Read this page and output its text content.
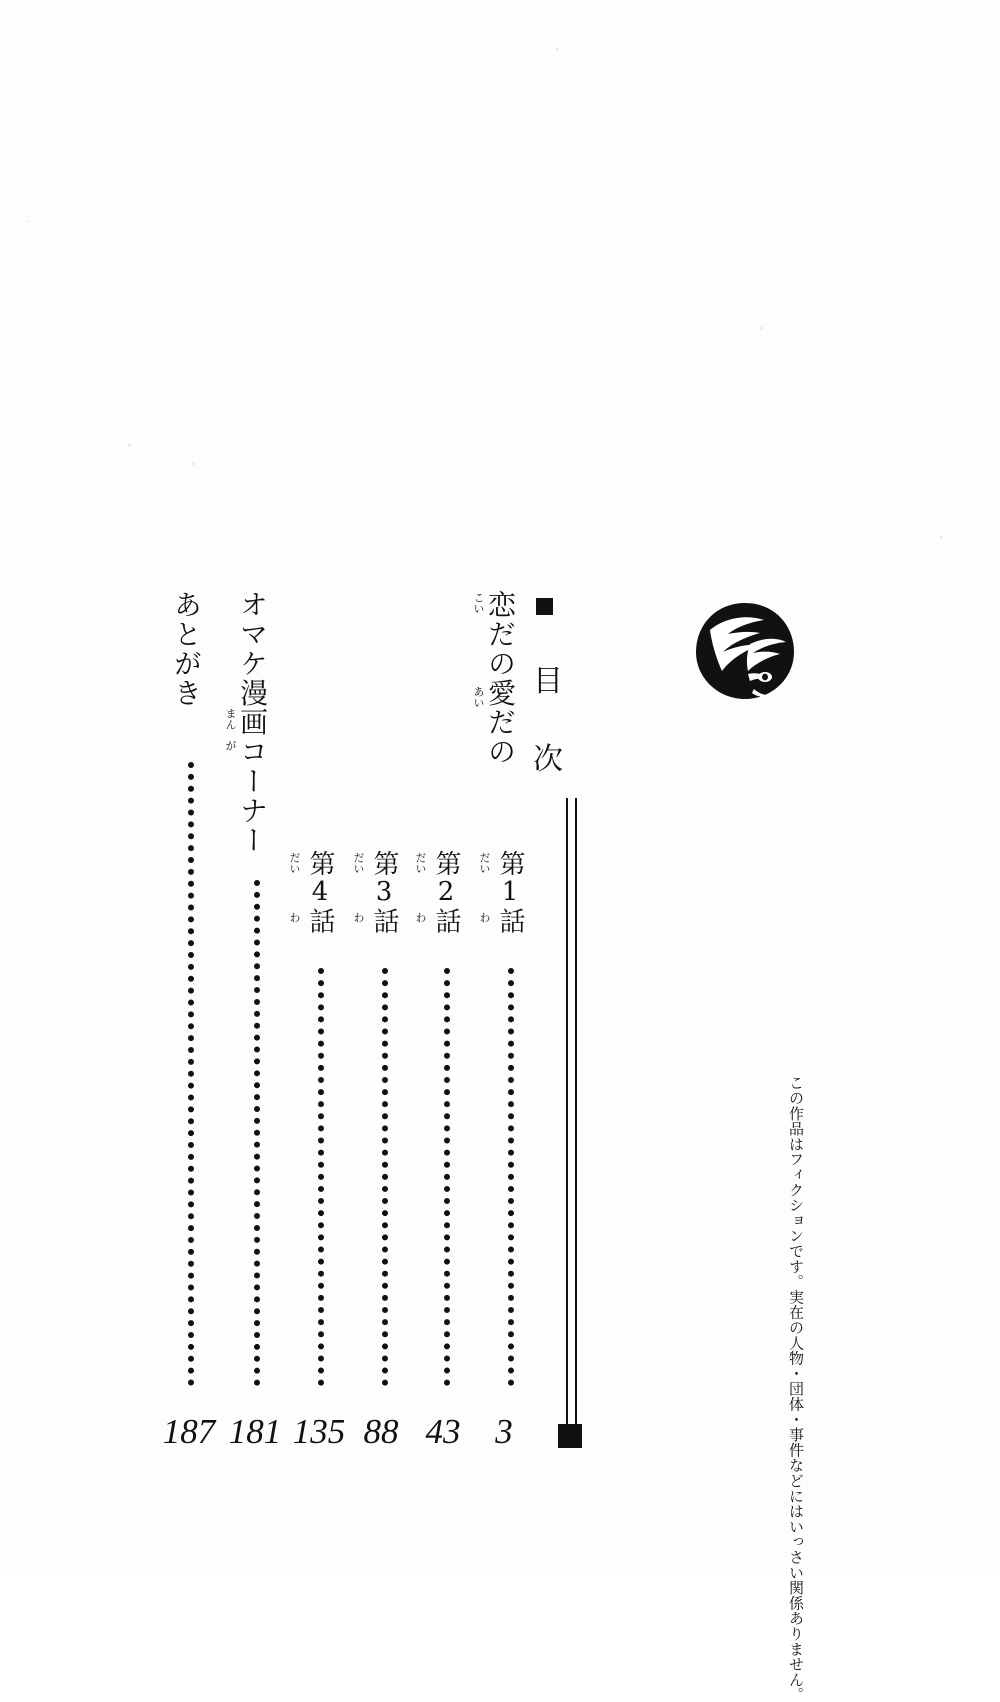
この作品はフィクションです。実在の人物・団体・事件などにはいっさい関係ありません。
目 次
こい
あい 恋だの愛だの
だい
わ 第1話
3
だい
わ 第2話
43
だい
わ 第3話
88
だい
わ 第4話
135
まん
が オマケ漫画コーナー
181
あとがき
187
